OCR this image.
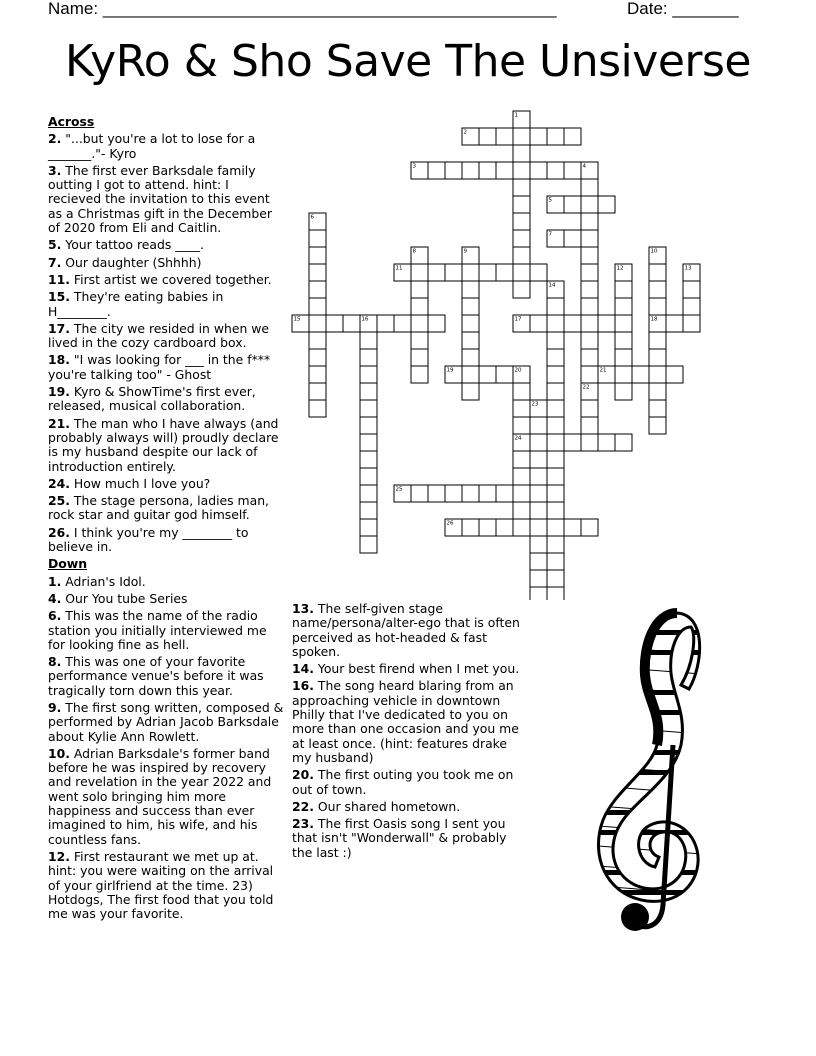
Name: ________________________________________________	Date: _______
KyRo & Sho Save The Unsiverse
1
2
3	4
5
6
7
8	9	10
11	12	13
14
15	16	17	18
19	20	21
22
23
24
25
26
Across
2. "...but you're a lot to lose for a _______."- Kyro
3. The first ever Barksdale family outting I got to attend. hint: I recieved the invitation to this event as a Christmas gift in the December of 2020 from Eli and Caitlin.
5. Your tattoo reads ____.
7. Our daughter (Shhhh)
11. First artist we covered together.
15. They're eating babies in H________.
17. The city we resided in when we lived in the cozy cardboard box.
18. "I was looking for ___ in the f*** you're talking too" - Ghost
19. Kyro & ShowTime's first ever, released, musical collaboration.
21. The man who I have always (and probably always will) proudly declare is my husband despite our lack of introduction entirely.
24. How much I love you?
25. The stage persona, ladies man, rock star and guitar god himself.
26. I think you're my ________ to believe in.
Down
1. Adrian's Idol.
4. Our You tube Series
6. This was the name of the radio station you initially interviewed me for looking fine as hell.
8. This was one of your favorite performance venue's before it was tragically torn down this year.
9. The first song written, composed & performed by Adrian Jacob Barksdale about Kylie Ann Rowlett.
10. Adrian Barksdale's former band before he was inspired by recovery and revelation in the year 2022 and went solo bringing him more happiness and success than ever imagined to him, his wife, and his countless fans.
12. First restaurant we met up at. hint: you were waiting on the arrival of your girlfriend at the time. 23) Hotdogs, The first food that you told me was your favorite.
13. The self-given stage name/persona/alter-ego that is often perceived as hot-headed & fast spoken.
14. Your best firend when I met you.
16. The song heard blaring from an approaching vehicle in downtown Philly that I've dedicated to you on more than one occasion and you me at least once. (hint: features drake my husband)
20. The first outing you took me on out of town.
22. Our shared hometown.
23. The first Oasis song I sent you that isn't "Wonderwall" & probably the last :)
